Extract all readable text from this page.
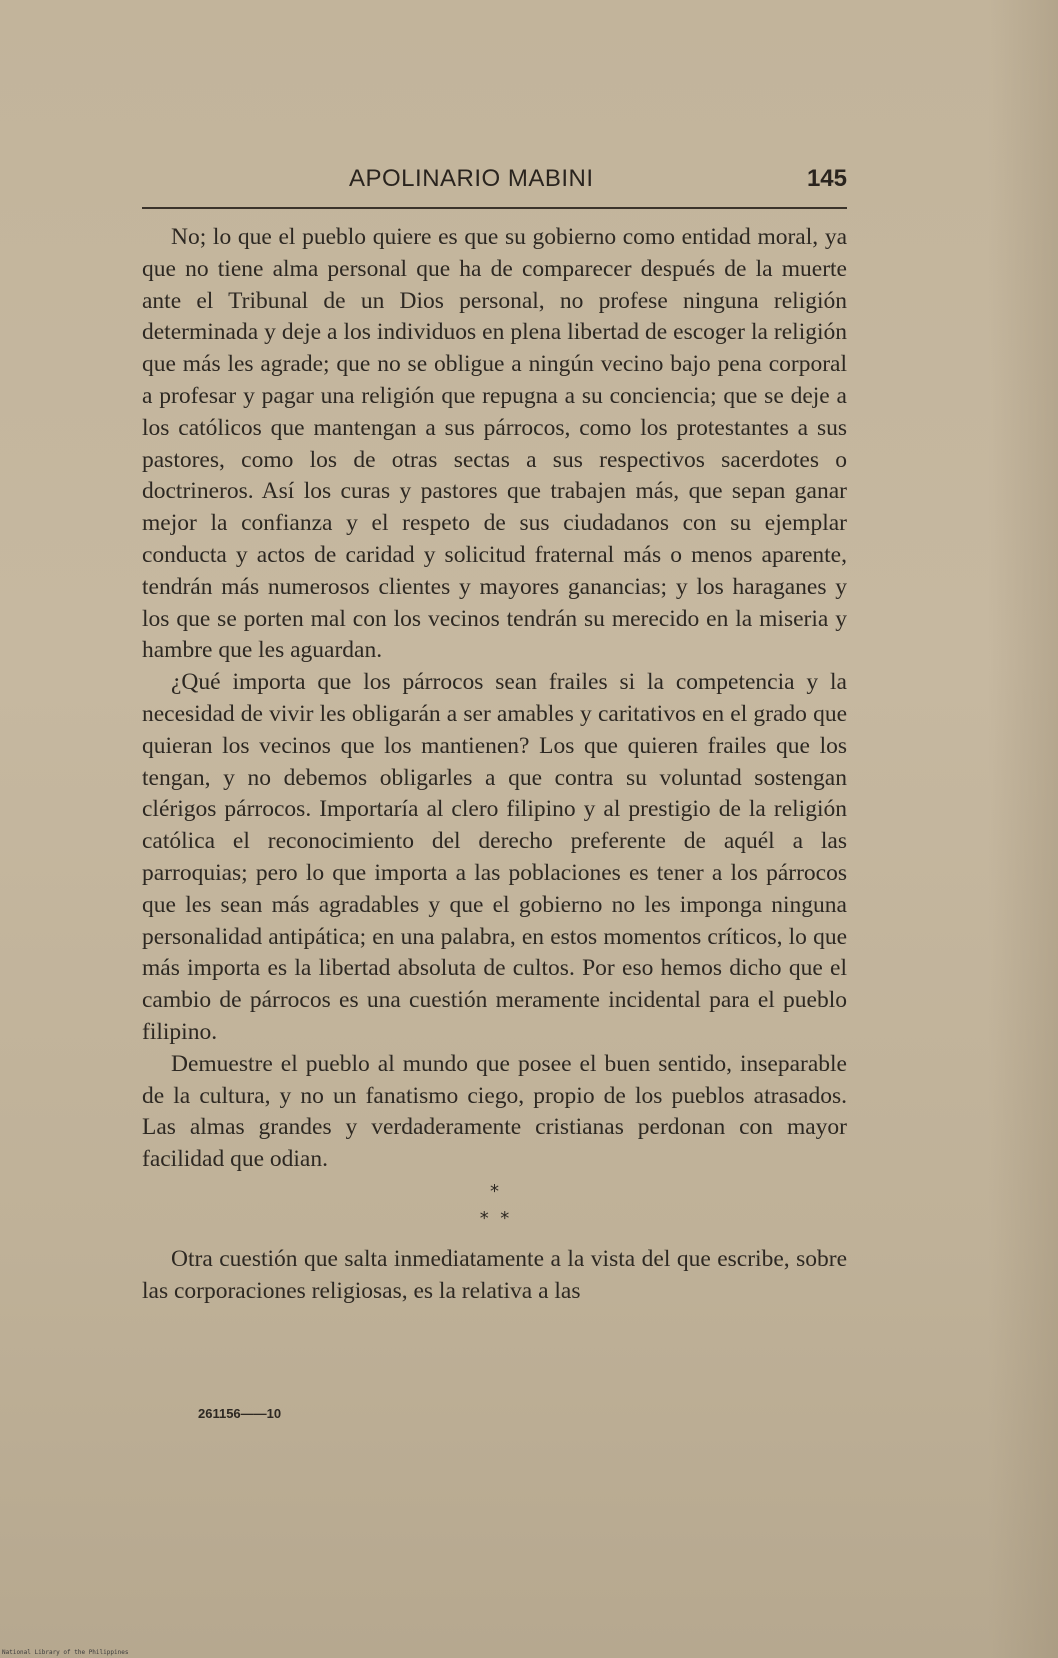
APOLINARIO MABINI	145

No; lo que el pueblo quiere es que su gobierno como entidad moral, ya que no tiene alma personal que ha de comparecer después de la muerte ante el Tribunal de un Dios personal, no profese ninguna religión determinada y deje a los individuos en plena libertad de escoger la religión que más les agrade; que no se obligue a ningún vecino bajo pena corporal a profesar y pagar una religión que repugna a su conciencia; que se deje a los católicos que mantengan a sus párrocos, como los protestantes a sus pastores, como los de otras sectas a sus respectivos sacerdotes o doctrineros. Así los curas y pastores que trabajen más, que sepan ganar mejor la confianza y el respeto de sus ciudadanos con su ejemplar conducta y actos de caridad y solicitud fraternal más o menos aparente, tendrán más numerosos clientes y mayores ganancias; y los haraganes y los que se porten mal con los vecinos tendrán su merecido en la miseria y hambre que les aguardan.

¿Qué importa que los párrocos sean frailes si la competencia y la necesidad de vivir les obligarán a ser amables y caritativos en el grado que quieran los vecinos que los mantienen? Los que quieren frailes que los tengan, y no debemos obligarles a que contra su voluntad sostengan clérigos párrocos. Importaría al clero filipino y al prestigio de la religión católica el reconocimiento del derecho preferente de aquél a las parroquias; pero lo que importa a las poblaciones es tener a los párrocos que les sean más agradables y que el gobierno no les imponga ninguna personalidad antipática; en una palabra, en estos momentos críticos, lo que más importa es la libertad absoluta de cultos. Por eso hemos dicho que el cambio de párrocos es una cuestión meramente incidental para el pueblo filipino.

Demuestre el pueblo al mundo que posee el buen sentido, inseparable de la cultura, y no un fanatismo ciego, propio de los pueblos atrasados. Las almas grandes y verdaderamente cristianas perdonan con mayor facilidad que odian.

*
*  *

Otra cuestión que salta inmediatamente a la vista del que escribe, sobre las corporaciones religiosas, es la relativa a las

261156——10
National Library of the Philippines
